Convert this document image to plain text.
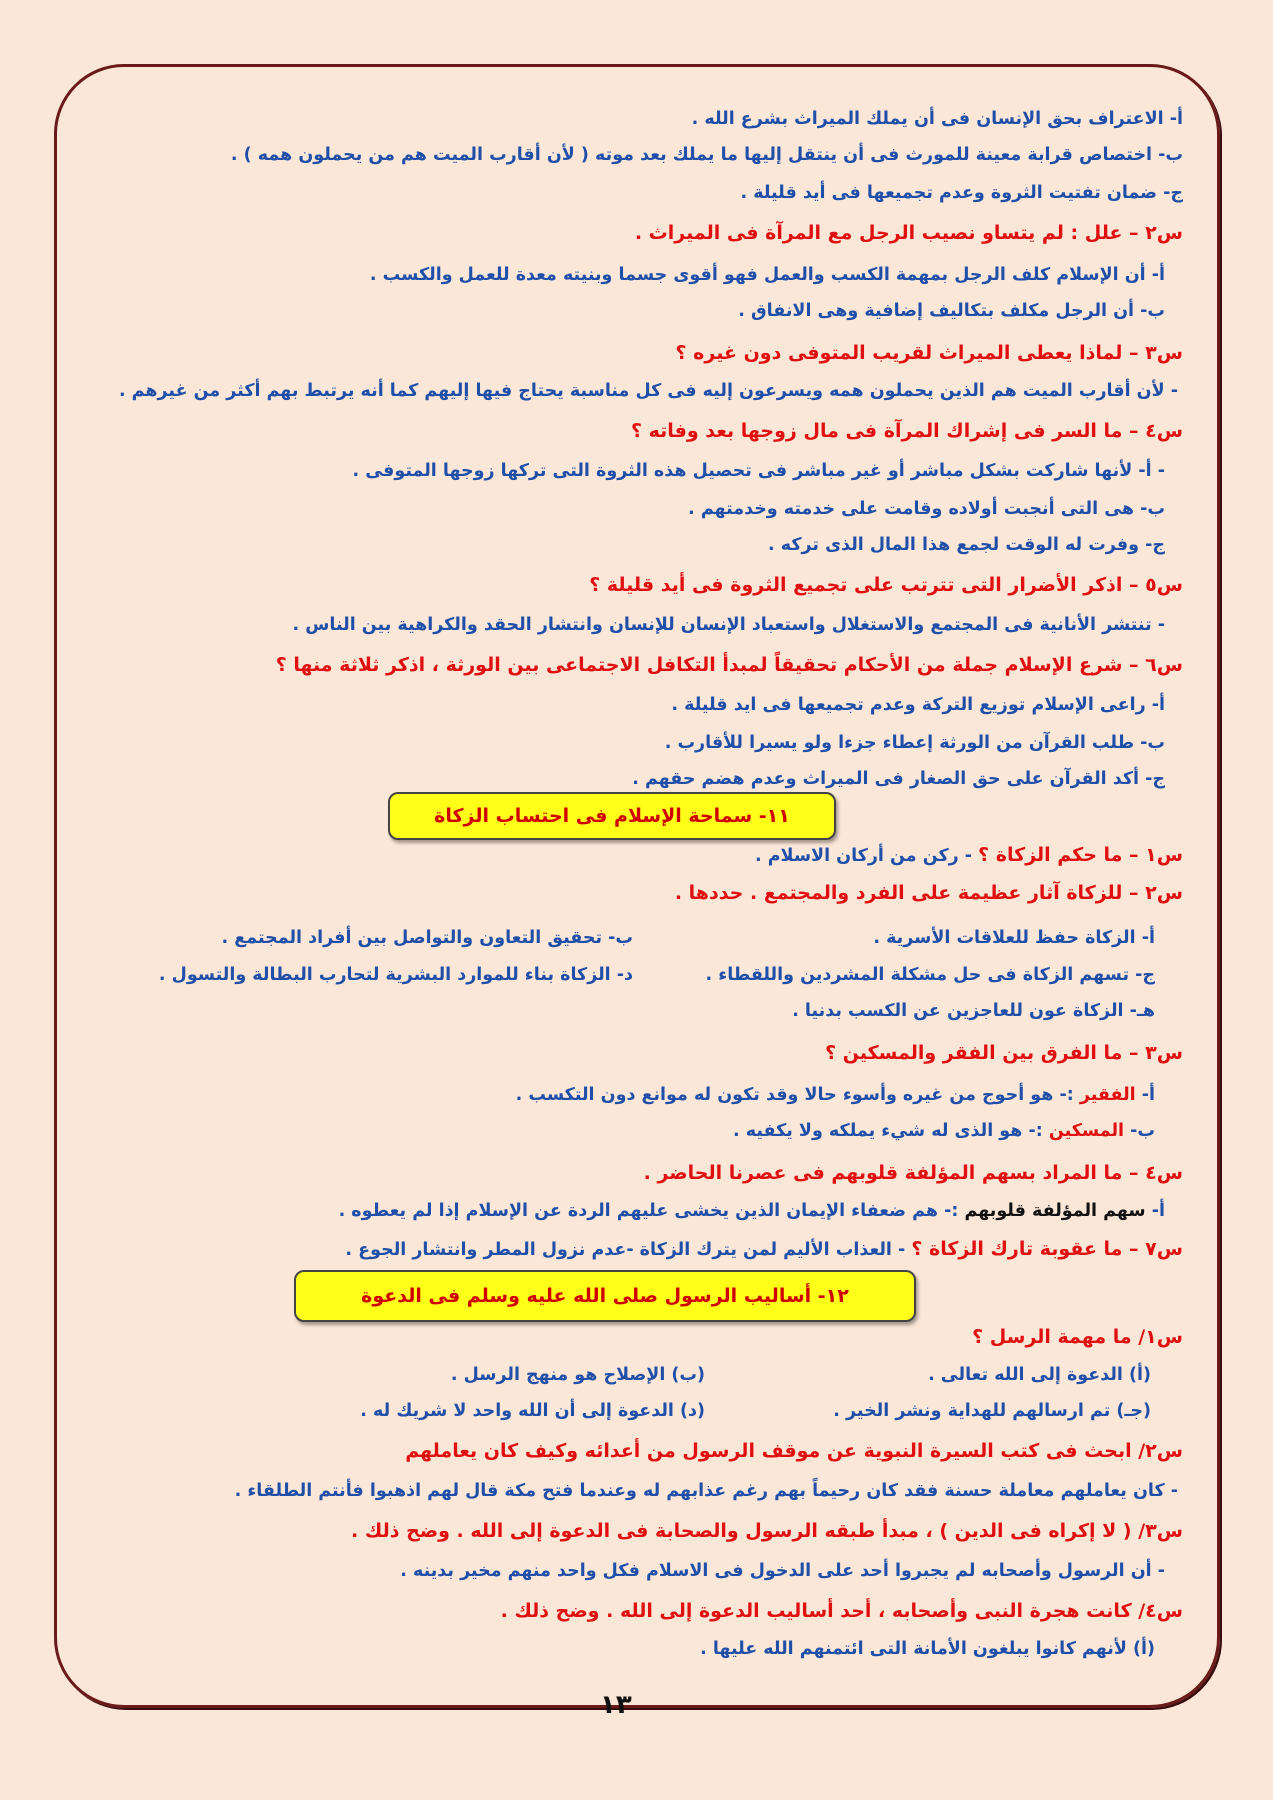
أ- الاعتراف بحق الإنسان فى أن يملك الميراث بشرع الله .
ب- اختصاص قرابة معينة للمورث فى أن ينتقل إليها ما يملك بعد موته ( لأن أقارب الميت هم من يحملون همه ) .
ج- ضمان تفتيت الثروة وعدم تجميعها فى أيد قليلة .
س٢ – علل : لم يتساو نصيب الرجل مع المرآة فى الميراث .
أ- أن الإسلام كلف الرجل بمهمة الكسب والعمل فهو أقوى جسما وبنيته معدة للعمل والكسب .
ب- أن الرجل مكلف بتكاليف إضافية وهى الانفاق .
س٣ – لماذا يعطى الميراث لقريب المتوفى دون غيره ؟
- لأن أقارب الميت هم الذين يحملون همه ويسرعون إليه فى كل مناسبة يحتاج فيها إليهم كما أنه يرتبط بهم أكثر من غيرهم .
س٤ – ما السر فى إشراك المرآة فى مال زوجها بعد وفاته ؟
- أ- لأنها شاركت بشكل مباشر أو غير مباشر فى تحصيل هذه الثروة التى تركها زوجها المتوفى .
ب- هى التى أنجبت أولاده وقامت على خدمته وخدمتهم .
ج- وفرت له الوقت لجمع هذا المال الذى تركه .
س٥ – اذكر الأضرار التى تترتب على تجميع الثروة فى أيد قليلة ؟
- تنتشر الأنانية فى المجتمع والاستغلال واستعباد الإنسان للإنسان وانتشار الحقد والكراهية بين الناس .
س٦ – شرع الإسلام جملة من الأحكام تحقيقاً لمبدأ التكافل الاجتماعى بين الورثة ، اذكر ثلاثة منها ؟
أ- راعى الإسلام توزيع التركة وعدم تجميعها فى ايد قليلة .
ب- طلب القرآن من الورثة إعطاء جزءا ولو يسيرا للأقارب .
ج- أكد القرآن على حق الصغار فى الميراث وعدم هضم حقهم .
١١- سماحة الإسلام فى احتساب الزكاة
س١ – ما حكم الزكاة ؟ - ركن من أركان الاسلام .
س٢ – للزكاة آثار عظيمة على الفرد والمجتمع . حددها .
أ- الزكاة حفظ للعلاقات الأسرية .
ب- تحقيق التعاون والتواصل بين أفراد المجتمع .
ج- تسهم الزكاة فى حل مشكلة المشردين واللقطاء .
د- الزكاة بناء للموارد البشرية لتحارب البطالة والتسول .
هـ- الزكاة عون للعاجزين عن الكسب بدنيا .
س٣ – ما الفرق بين الفقر والمسكين ؟
أ- الفقير :- هو أحوج من غيره وأسوء حالا وقد تكون له موانع دون التكسب .
ب- المسكين :- هو الذى له شيء يملكه ولا يكفيه .
س٤ – ما المراد بسهم المؤلفة قلوبهم فى عصرنا الحاضر .
أ- سهم المؤلفة قلوبهم :- هم ضعفاء الإيمان الذين يخشى عليهم الردة عن الإسلام إذا لم يعطوه .
س٧ – ما عقوبة تارك الزكاة ؟ - العذاب الأليم لمن يترك الزكاة -عدم نزول المطر وانتشار الجوع .
١٢- أساليب الرسول صلى الله عليه وسلم فى الدعوة
س١/ ما مهمة الرسل ؟
(أ) الدعوة إلى الله تعالى .
(ب) الإصلاح هو منهج الرسل .
(جـ) تم ارسالهم للهداية ونشر الخير .
(د) الدعوة إلى أن الله واحد لا شريك له .
س٢/ ابحث فى كتب السيرة النبوية عن موقف الرسول من أعدائه وكيف كان يعاملهم
- كان يعاملهم معاملة حسنة فقد كان رحيماً بهم رغم عذابهم له وعندما فتح مكة قال لهم اذهبوا فأنتم الطلقاء .
س٣/ ( لا إكراه فى الدين ) ، مبدأ طبقه الرسول والصحابة فى الدعوة إلى الله . وضح ذلك .
- أن الرسول وأصحابه لم يجبروا أحد على الدخول فى الاسلام فكل واحد منهم مخير بدينه .
س٤/ كانت هجرة النبى وأصحابه ، أحد أساليب الدعوة إلى الله . وضح ذلك .
(أ) لأنهم كانوا يبلغون الأمانة التى ائتمنهم الله عليها .
١٣
